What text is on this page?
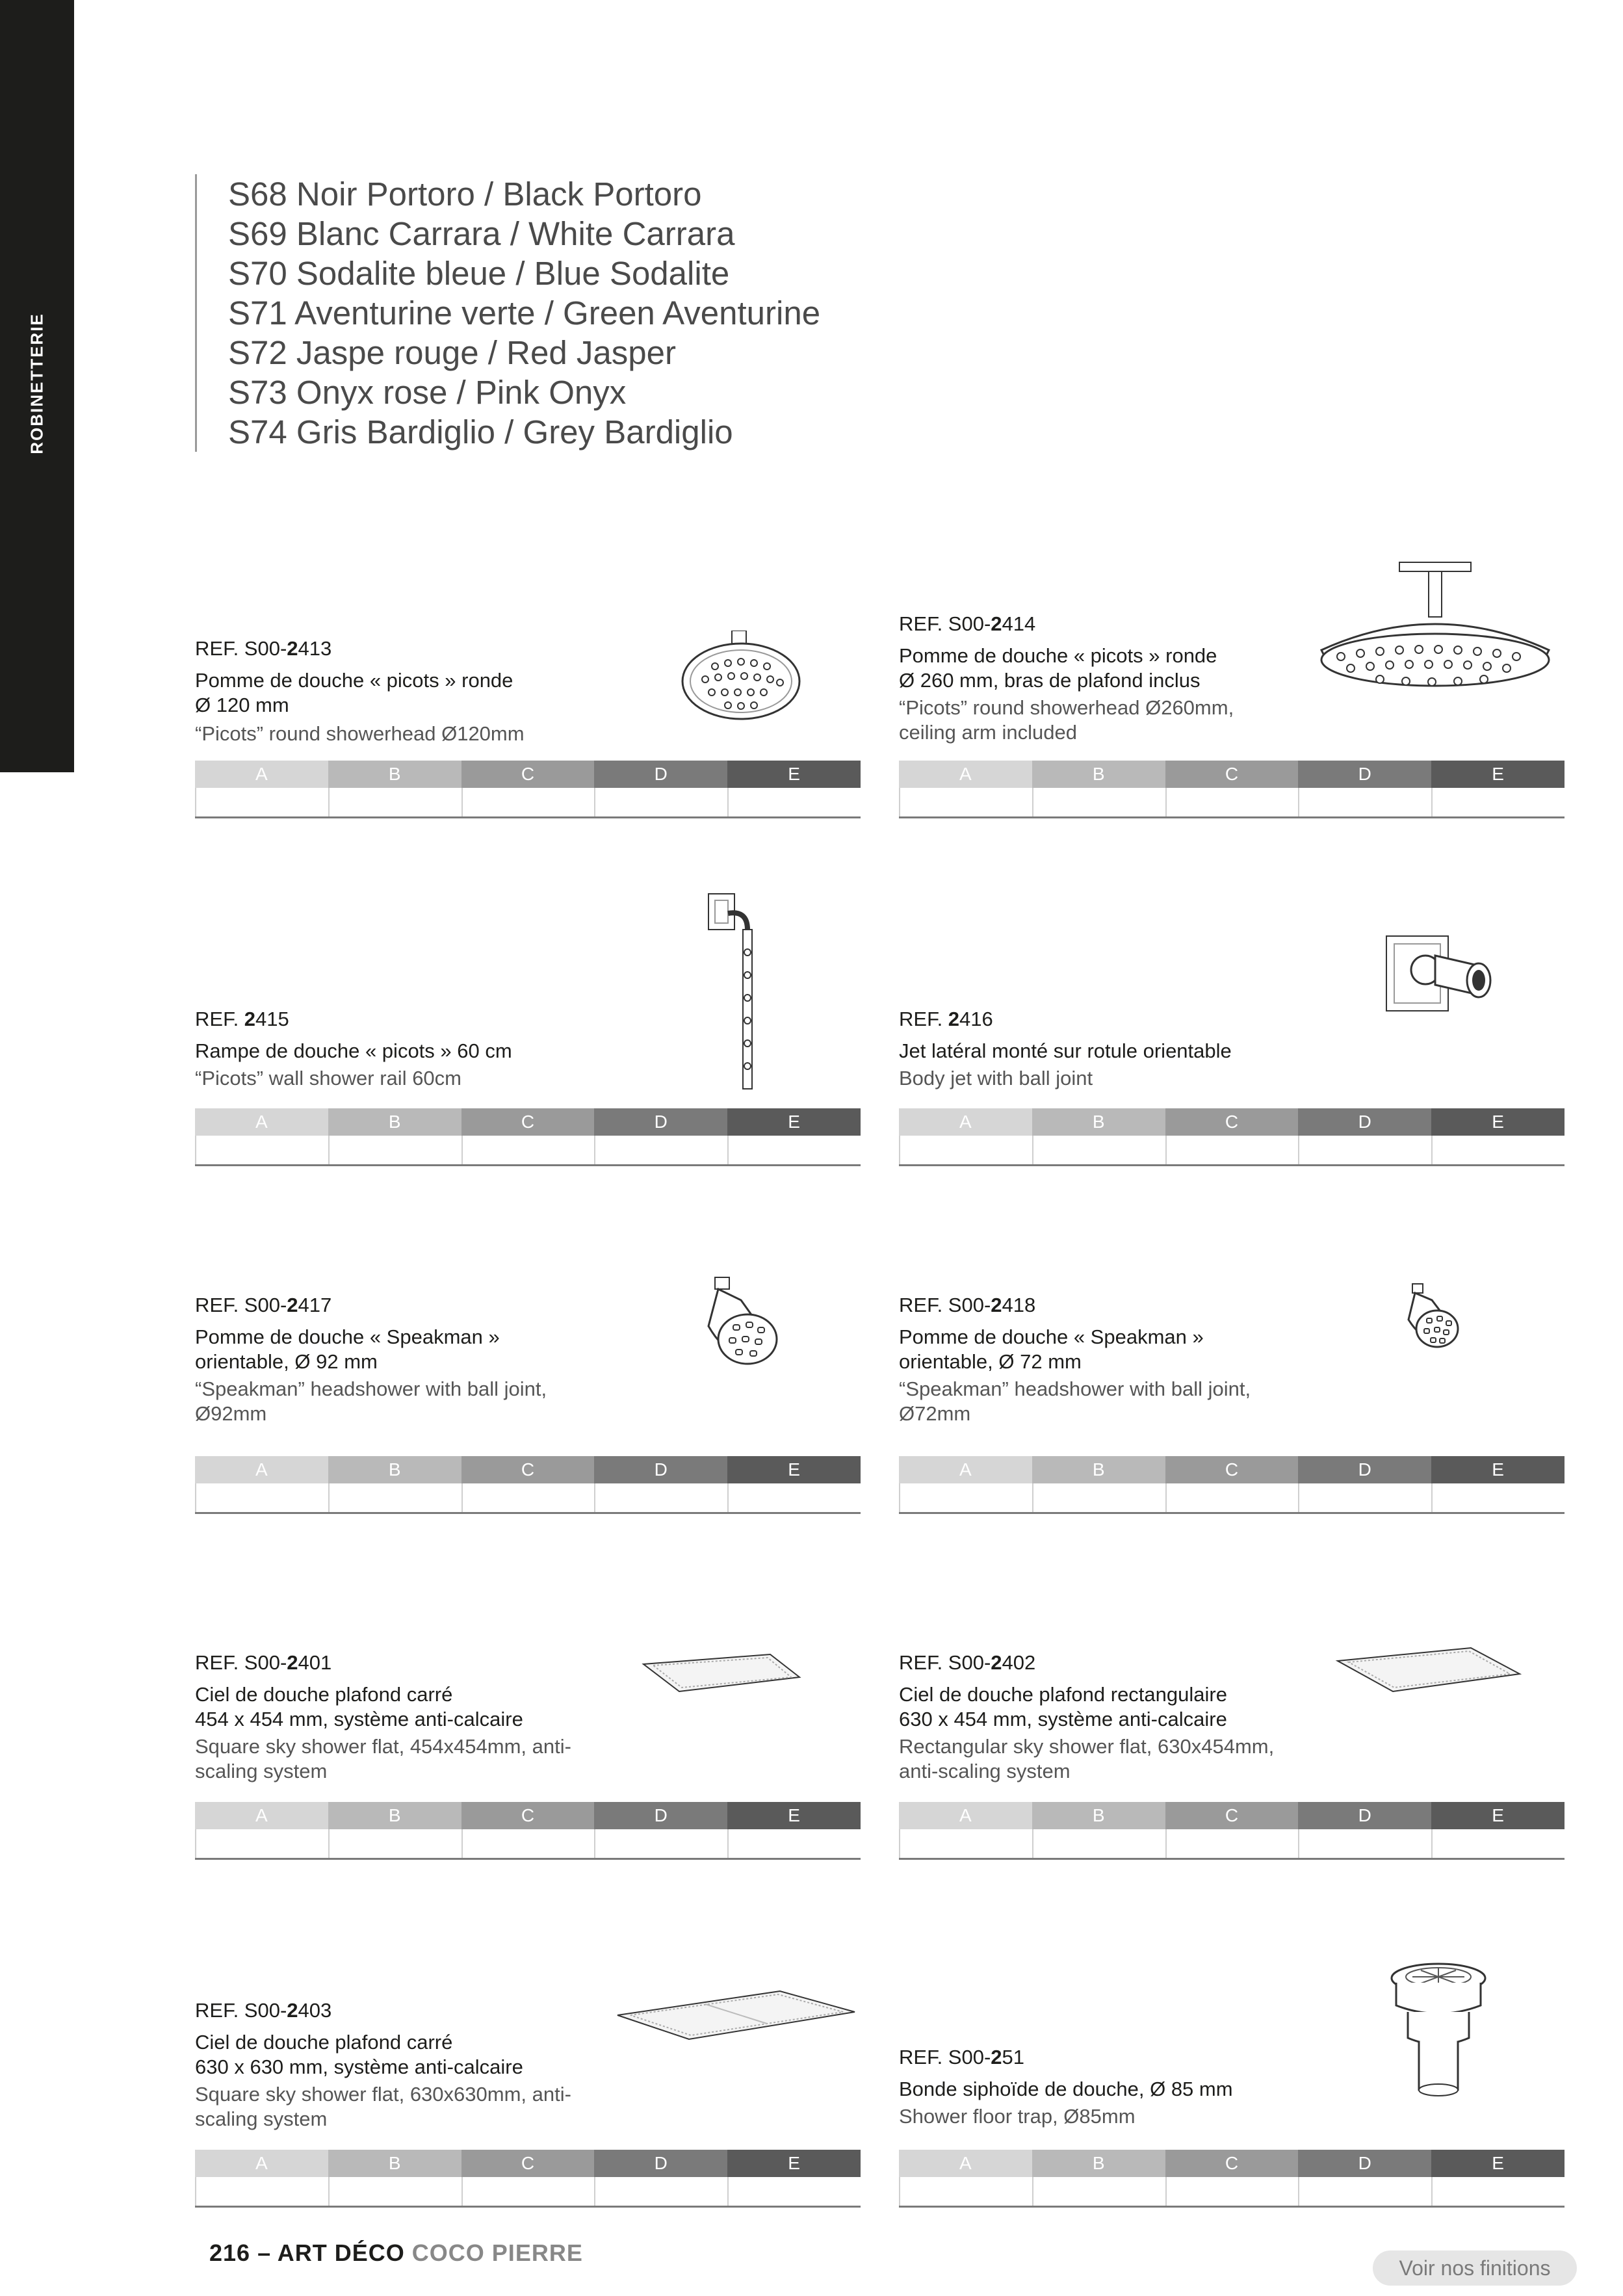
ROBINETTERIE
S68 Noir Portoro / Black Portoro
S69 Blanc Carrara / White Carrara
S70 Sodalite bleue / Blue Sodalite
S71 Aventurine verte / Green Aventurine
S72 Jaspe rouge / Red Jasper
S73 Onyx rose / Pink Onyx
S74 Gris Bardiglio / Grey Bardiglio
REF. S00-2413
Pomme de douche « picots » ronde
Ø 120 mm
“Picots” round showerhead Ø120mm
A	B	C	D	E
REF. S00-2414
Pomme de douche « picots » ronde
Ø 260 mm, bras de plafond inclus
“Picots” round showerhead Ø260mm,
ceiling arm included
A	B	C	D	E
REF. 2415
Rampe de douche « picots » 60 cm
“Picots” wall shower rail 60cm
A	B	C	D	E
REF. 2416
Jet latéral monté sur rotule orientable
Body jet with ball joint
A	B	C	D	E
REF. S00-2417
Pomme de douche « Speakman »
orientable, Ø 92 mm
“Speakman” headshower with ball joint,
Ø92mm
A	B	C	D	E
REF. S00-2418
Pomme de douche « Speakman »
orientable, Ø 72 mm
“Speakman” headshower with ball joint,
Ø72mm
A	B	C	D	E
REF. S00-2401
Ciel de douche plafond carré
454 x 454 mm, système anti-calcaire
Square sky shower flat, 454x454mm, anti-
scaling system
A	B	C	D	E
REF. S00-2402
Ciel de douche plafond rectangulaire
630 x 454 mm, système anti-calcaire
Rectangular sky shower flat, 630x454mm,
anti-scaling system
A	B	C	D	E
REF. S00-2403
Ciel de douche plafond carré
630 x 630 mm, système anti-calcaire
Square sky shower flat, 630x630mm, anti-
scaling system
A	B	C	D	E
REF. S00-251
Bonde siphoïde de douche, Ø 85 mm
Shower floor trap, Ø85mm
A	B	C	D	E
216 – ART DÉCO COCO PIERRE
Voir nos finitions
